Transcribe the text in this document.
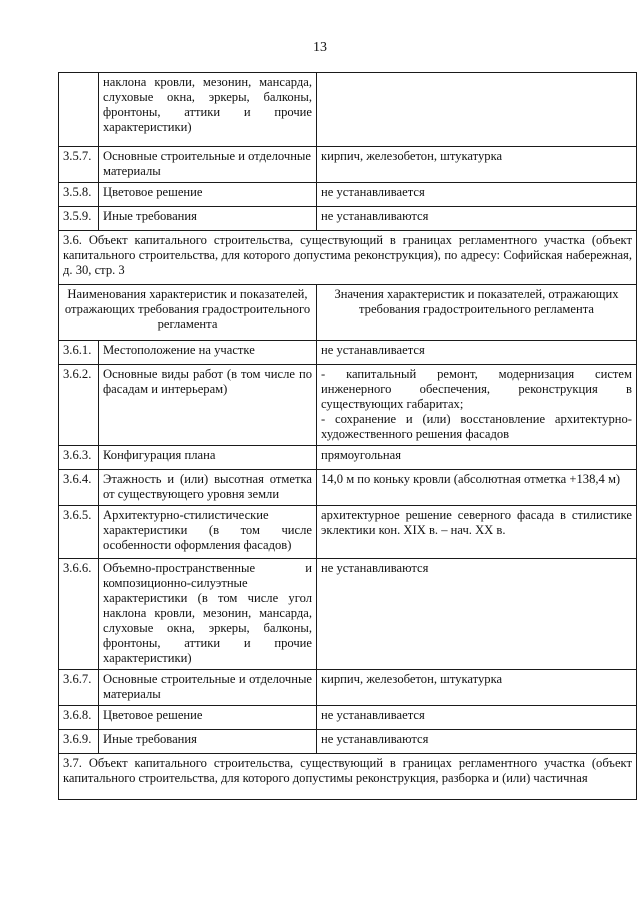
13
	наклона кровли, мезонин, мансарда, слуховые окна, эркеры, балконы, фронтоны, аттики и прочие характеристики)	
3.5.7.	Основные строительные и отделочные материалы	кирпич, железобетон, штукатурка
3.5.8.	Цветовое решение	не устанавливается
3.5.9.	Иные требования	не устанавливаются
3.6. Объект капитального строительства, существующий в границах регламентного участка (объект капитального строительства, для которого допустима реконструкция), по адресу: Софийская набережная, д. 30, стр. 3		
Наименования характеристик и показателей, отражающих требования градостроительного регламента		Значения характеристик и показателей, отражающих требования градостроительного регламента
3.6.1.	Местоположение на участке	не устанавливается
3.6.2.	Основные виды работ (в том числе по фасадам и интерьерам)	- капитальный ремонт, модернизация систем инженерного обеспечения, реконструкция в существующих габаритах;
- сохранение и (или) восстановление архитектурно-художественного решения фасадов

3.6.3.	Конфигурация плана	прямоугольная
3.6.4.	Этажность и (или) высотная отметка от существующего уровня земли	14,0 м по коньку кровли (абсолютная отметка +138,4 м)
3.6.5.	Архитектурно-стилистические характеристики (в том числе особенности оформления фасадов)	архитектурное решение северного фасада в стилистике эклектики кон. XIX в. – нач. XX в.
3.6.6.	Объемно-пространственные и композиционно-силуэтные характеристики (в том числе угол наклона кровли, мезонин, мансарда, слуховые окна, эркеры, балконы, фронтоны, аттики и прочие характеристики)	не устанавливаются
3.6.7.	Основные строительные и отделочные материалы	кирпич, железобетон, штукатурка
3.6.8.	Цветовое решение	не устанавливается
3.6.9.	Иные требования	не устанавливаются
3.7. Объект капитального строительства, существующий в границах регламентного участка (объект капитального строительства, для которого допустимы реконструкция, разборка и (или) частичная		
